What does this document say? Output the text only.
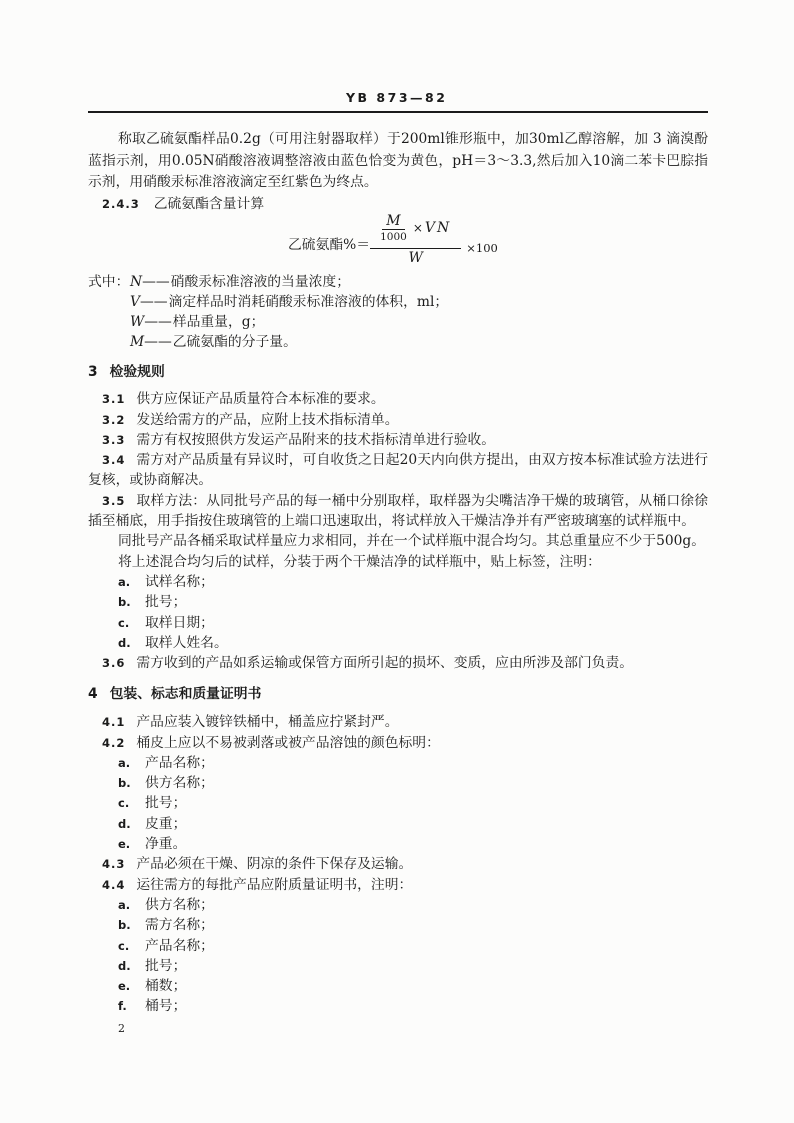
YB 873—82

称取乙硫氨酯样品0.2g（可用注射器取样）于200ml锥形瓶中，加30ml乙醇溶解，加 3 滴溴酚蓝指示剂，用0.05N硝酸溶液调整溶液由蓝色恰变为黄色，pH＝3～3.3,然后加入10滴二苯卡巴腙指示剂，用硝酸汞标准溶液滴定至红紫色为终点。

2.4.3 乙硫氨酯含量计算

乙硫氨酯%＝ $\frac{\frac{M}{1000} \times VN}{W} \times 100$

式中： N——硝酸汞标准溶液的当量浓度；

V——滴定样品时消耗硝酸汞标准溶液的体积，ml；

W——样品重量，g；

M——乙硫氨酯的分子量。

3 检验规则

3.1 供方应保证产品质量符合本标准的要求。

3.2 发送给需方的产品，应附上技术指标清单。

3.3 需方有权按照供方发运产品附来的技术指标清单进行验收。

3.4 需方对产品质量有异议时，可自收货之日起20天内向供方提出，由双方按本标准试验方法进行复核，或协商解决。

3.5 取样方法：从同批号产品的每一桶中分别取样，取样器为尖嘴洁净干燥的玻璃管，从桶口徐徐插至桶底，用手指按住玻璃管的上端口迅速取出，将试样放入干燥洁净并有严密玻璃塞的试样瓶中。

同批号产品各桶采取试样量应力求相同，并在一个试样瓶中混合均匀。其总重量应不少于500g。

将上述混合均匀后的试样，分装于两个干燥洁净的试样瓶中，贴上标签，注明：

a. 试样名称；

b. 批号；

c. 取样日期；

d. 取样人姓名。

3.6 需方收到的产品如系运输或保管方面所引起的损坏、变质，应由所涉及部门负责。

4 包装、标志和质量证明书

4.1 产品应装入镀锌铁桶中，桶盖应拧紧封严。

4.2 桶皮上应以不易被剥落或被产品溶蚀的颜色标明：

a. 产品名称；

b. 供方名称；

c. 批号；

d. 皮重；

e. 净重。

4.3 产品必须在干燥、阴凉的条件下保存及运输。

4.4 运往需方的每批产品应附质量证明书，注明：

a. 供方名称；

b. 需方名称；

c. 产品名称；

d. 批号；

e. 桶数；

f. 桶号；

2
